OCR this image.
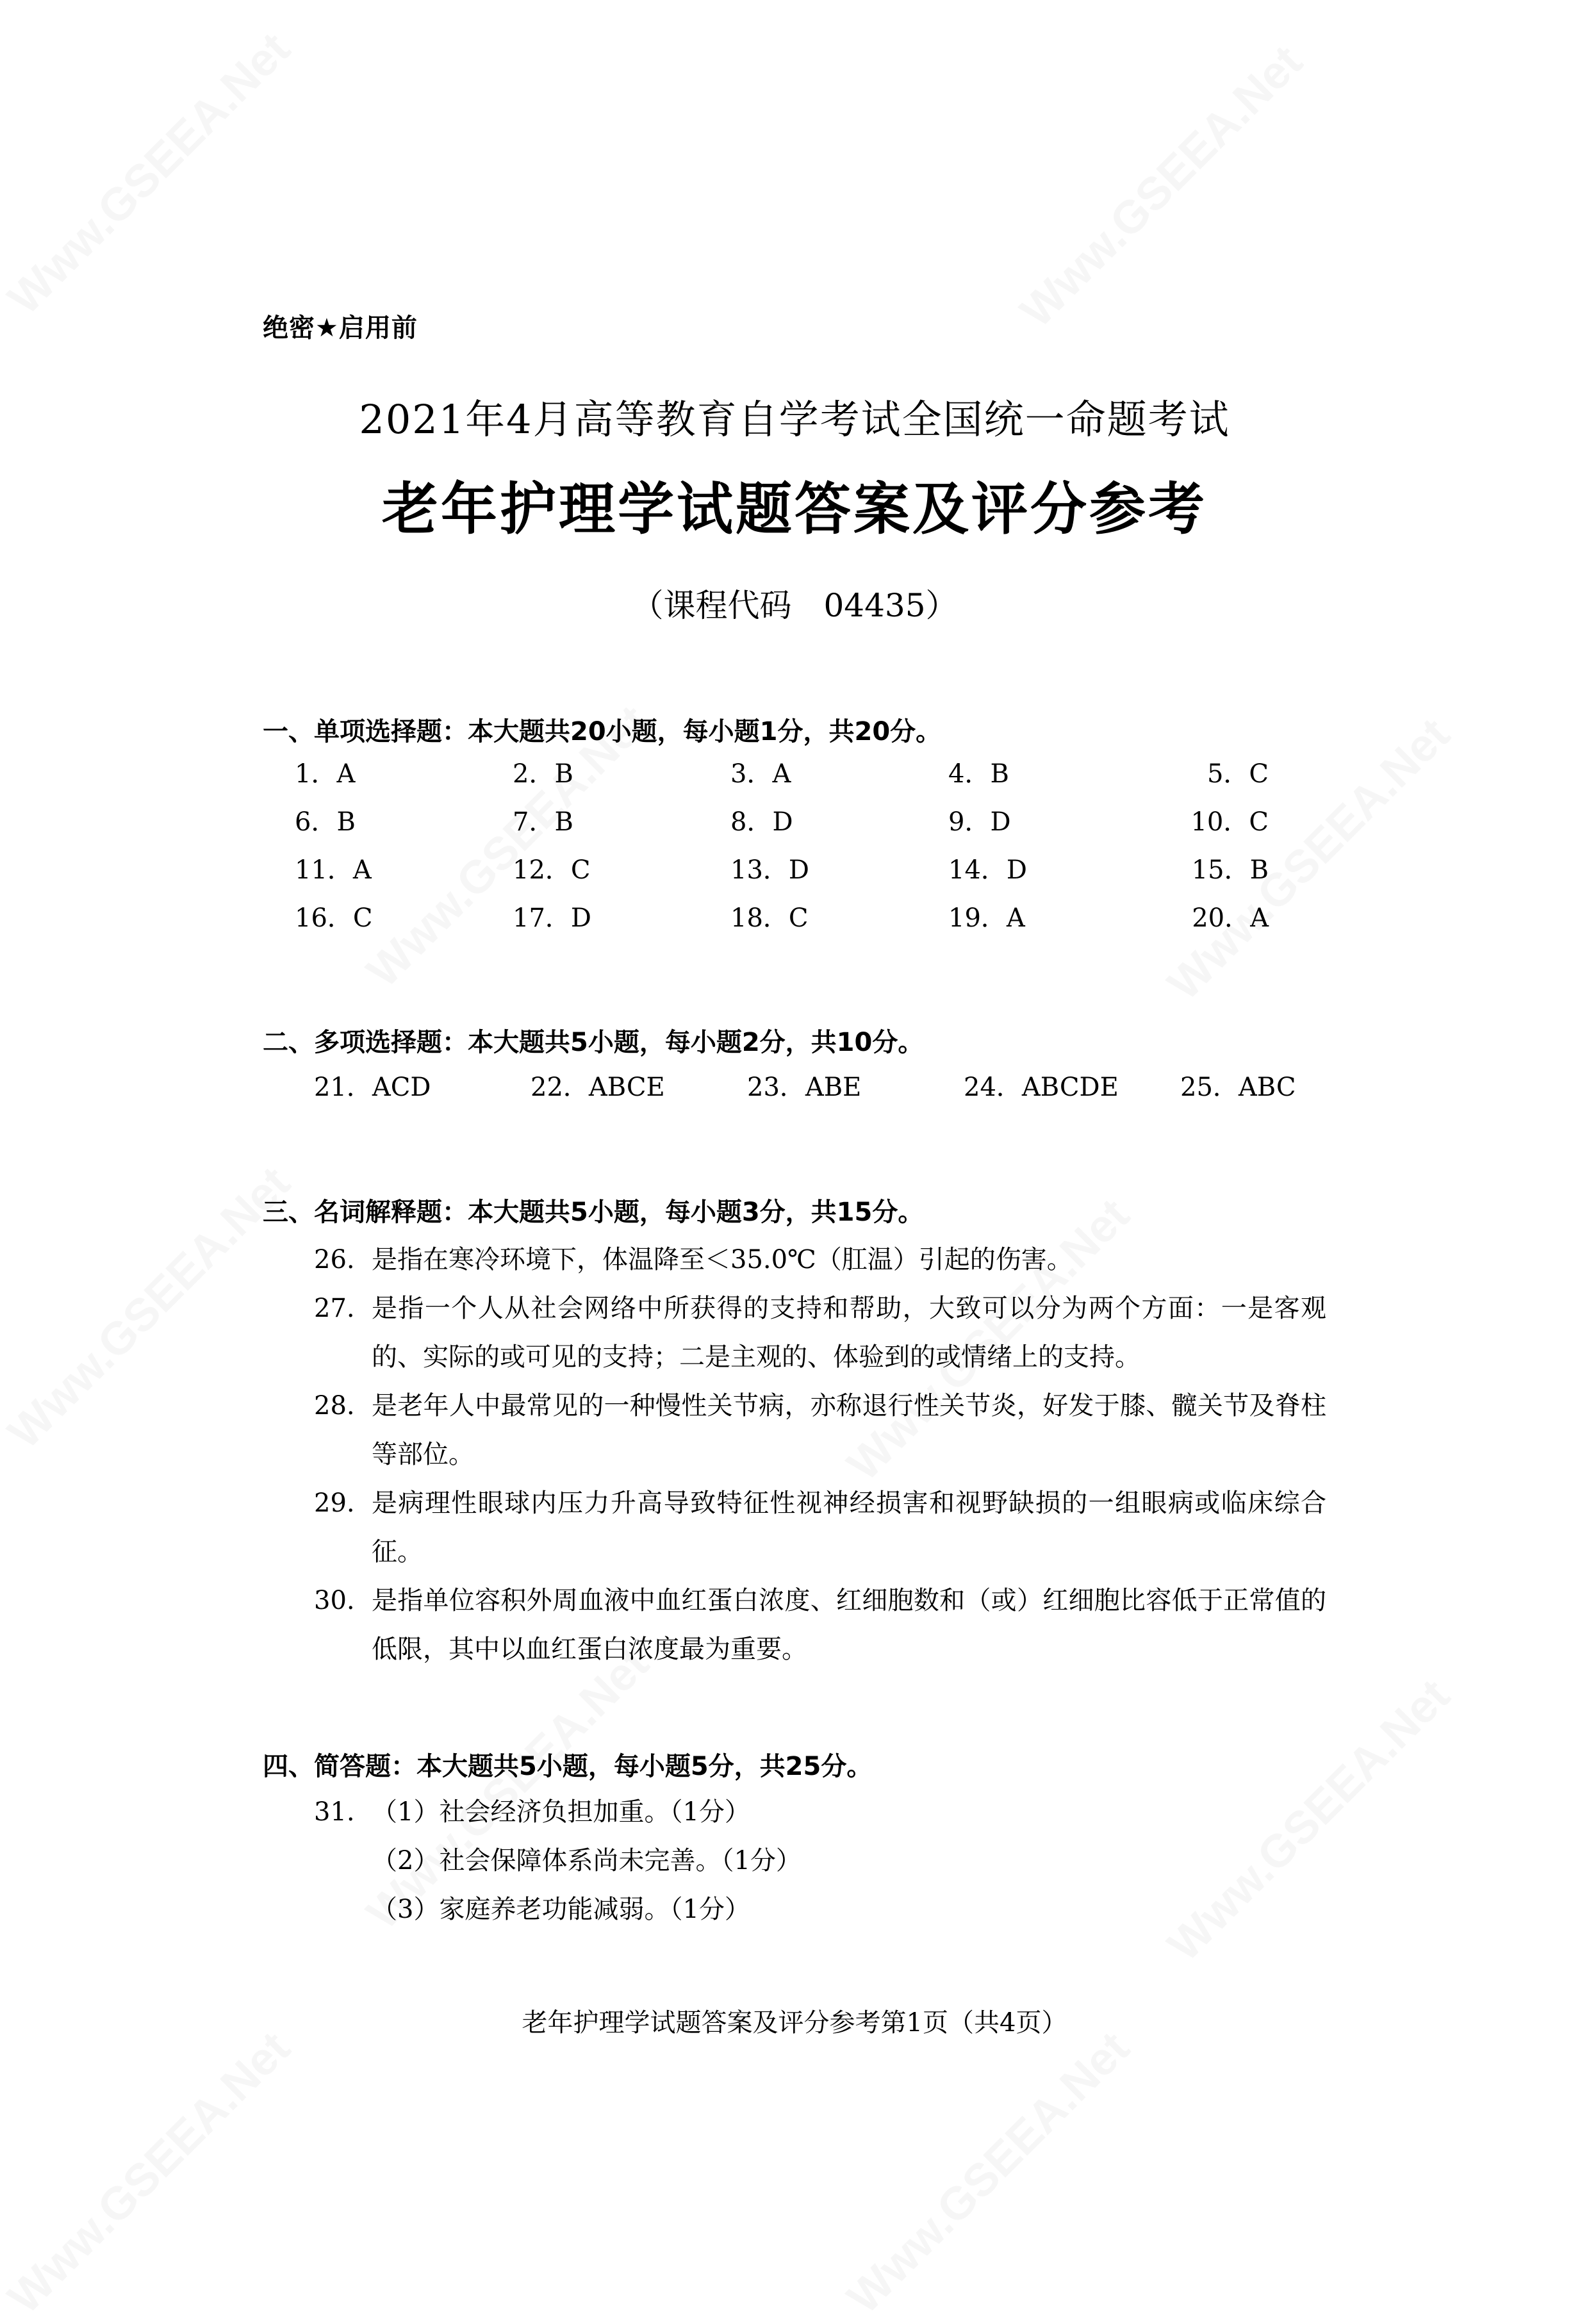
绝密★启用前
2021年4月高等教育自学考试全国统一命题考试
老年护理学试题答案及评分参考
（课程代码　04435）
一、单项选择题：本大题共20小题，每小题1分，共20分。
1．A	2．B	3．A	4．B	5．C
6．B	7．B	8．D	9．D	10．C
11．A	12．C	13．D	14．D	15．B
16．C	17．D	18．C	19．A	20．A
二、多项选择题：本大题共5小题，每小题2分，共10分。
21．ACD	22．ABCE	23．ABE	24．ABCDE	25．ABC
三、名词解释题：本大题共5小题，每小题3分，共15分。
26. 是指在寒冷环境下，体温降至＜35.0℃（肛温）引起的伤害。
27. 是指一个人从社会网络中所获得的支持和帮助，大致可以分为两个方面：一是客观的、实际的或可见的支持；二是主观的、体验到的或情绪上的支持。
28. 是老年人中最常见的一种慢性关节病，亦称退行性关节炎，好发于膝、髋关节及脊柱等部位。
29. 是病理性眼球内压力升高导致特征性视神经损害和视野缺损的一组眼病或临床综合征。
30. 是指单位容积外周血液中血红蛋白浓度、红细胞数和（或）红细胞比容低于正常值的低限，其中以血红蛋白浓度最为重要。
四、简答题：本大题共5小题，每小题5分，共25分。
31. （1）社会经济负担加重。（1分）
（2）社会保障体系尚未完善。（1分）
（3）家庭养老功能减弱。（1分）
老年护理学试题答案及评分参考第1页（共4页）
